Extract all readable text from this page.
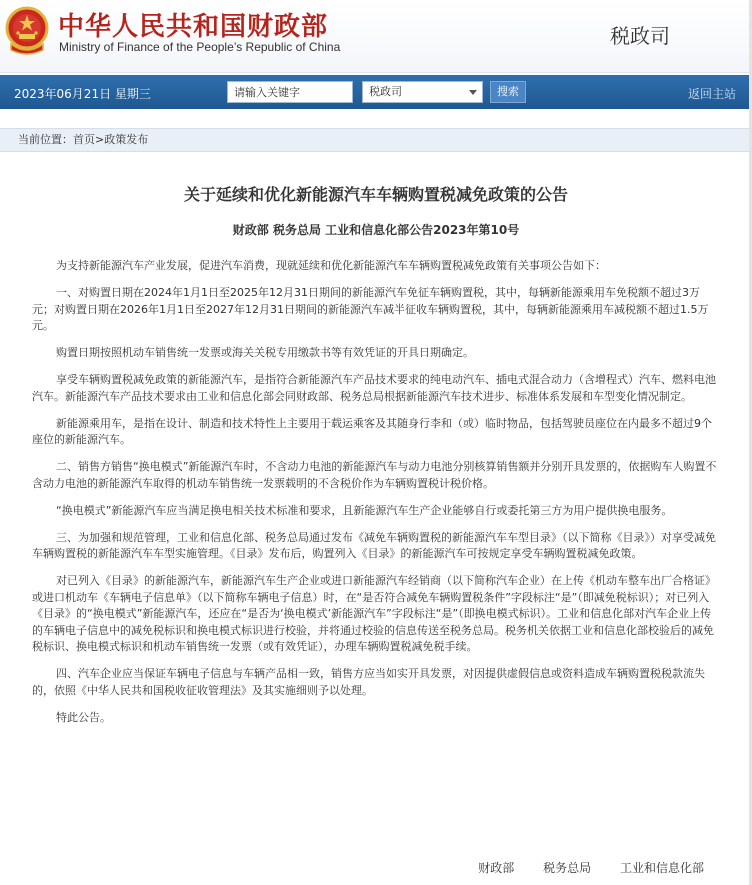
中华人民共和国财政部
Ministry of Finance of the People’s Republic of China	税政司
2023年06月21日 星期三
请输入关键字	税政司	搜索	返回主站
当前位置：首页>政策发布
关于延续和优化新能源汽车车辆购置税减免政策的公告
财政部 税务总局 工业和信息化部公告2023年第10号

为支持新能源汽车产业发展，促进汽车消费，现就延续和优化新能源汽车车辆购置税减免政策有关事项公告如下：

一、对购置日期在2024年1月1日至2025年12月31日期间的新能源汽车免征车辆购置税，其中，每辆新能源乘用车免税额不超过3万元；对购置日期在2026年1月1日至2027年12月31日期间的新能源汽车减半征收车辆购置税，其中，每辆新能源乘用车减税额不超过1.5万元。

购置日期按照机动车销售统一发票或海关关税专用缴款书等有效凭证的开具日期确定。

享受车辆购置税减免政策的新能源汽车，是指符合新能源汽车产品技术要求的纯电动汽车、插电式混合动力（含增程式）汽车、燃料电池汽车。新能源汽车产品技术要求由工业和信息化部会同财政部、税务总局根据新能源汽车技术进步、标准体系发展和车型变化情况制定。

新能源乘用车，是指在设计、制造和技术特性上主要用于载运乘客及其随身行李和（或）临时物品，包括驾驶员座位在内最多不超过9个座位的新能源汽车。

二、销售方销售“换电模式”新能源汽车时，不含动力电池的新能源汽车与动力电池分别核算销售额并分别开具发票的，依据购车人购置不含动力电池的新能源汽车取得的机动车销售统一发票载明的不含税价作为车辆购置税计税价格。

“换电模式”新能源汽车应当满足换电相关技术标准和要求，且新能源汽车生产企业能够自行或委托第三方为用户提供换电服务。

三、为加强和规范管理，工业和信息化部、税务总局通过发布《减免车辆购置税的新能源汽车车型目录》（以下简称《目录》）对享受减免车辆购置税的新能源汽车车型实施管理。《目录》发布后，购置列入《目录》的新能源汽车可按规定享受车辆购置税减免政策。

对已列入《目录》的新能源汽车，新能源汽车生产企业或进口新能源汽车经销商（以下简称汽车企业）在上传《机动车整车出厂合格证》或进口机动车《车辆电子信息单》（以下简称车辆电子信息）时，在“是否符合减免车辆购置税条件”字段标注“是”（即减免税标识）；对已列入《目录》的“换电模式”新能源汽车，还应在“是否为‘换电模式’新能源汽车”字段标注“是”（即换电模式标识）。工业和信息化部对汽车企业上传的车辆电子信息中的减免税标识和换电模式标识进行校验，并将通过校验的信息传送至税务总局。税务机关依据工业和信息化部校验后的减免税标识、换电模式标识和机动车销售统一发票（或有效凭证），办理车辆购置税减免税手续。

四、汽车企业应当保证车辆电子信息与车辆产品相一致，销售方应当如实开具发票，对因提供虚假信息或资料造成车辆购置税税款流失的，依照《中华人民共和国税收征收管理法》及其实施细则予以处理。

特此公告。

财政部 税务总局 工业和信息化部
